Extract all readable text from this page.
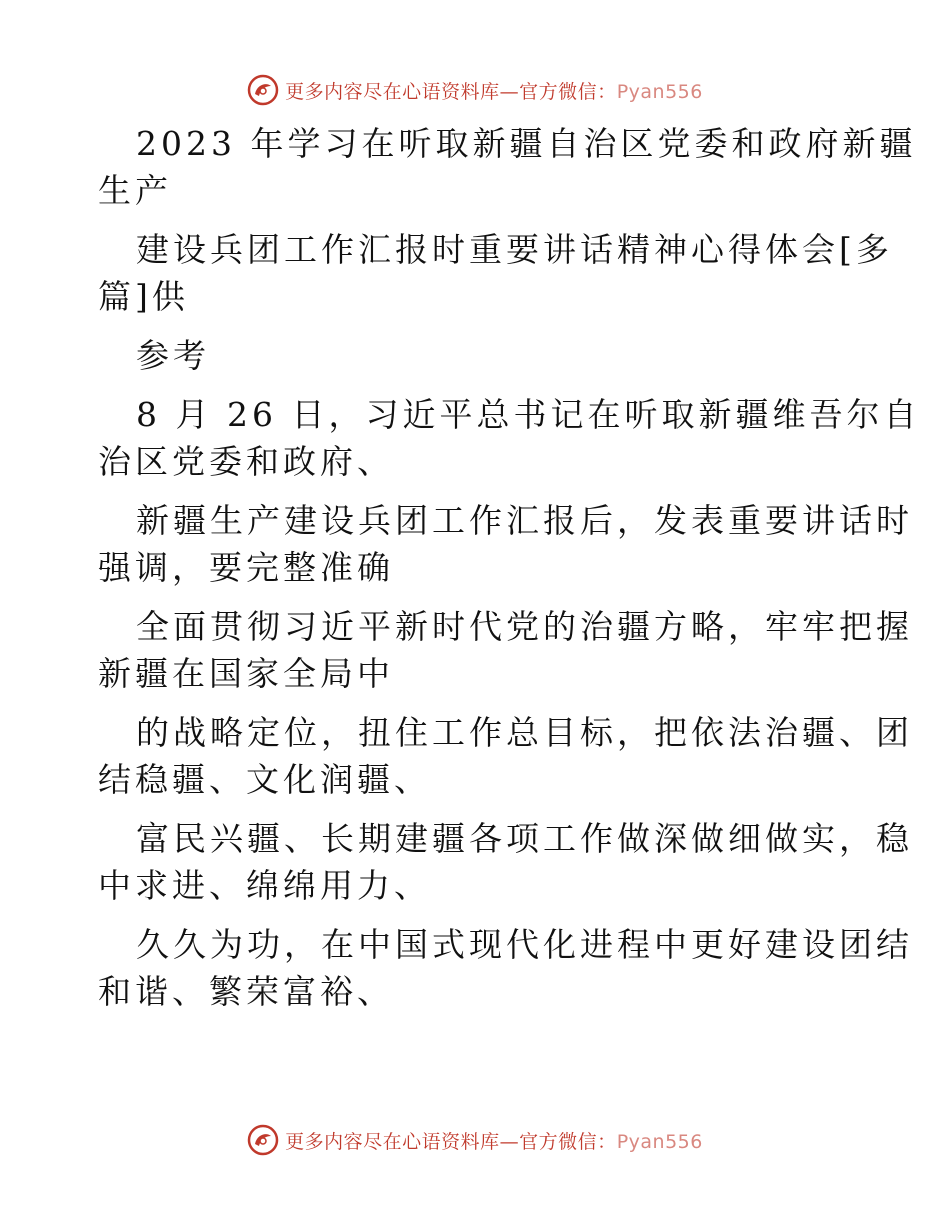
更多内容尽在心语资料库—官方微信：Pyan556
2023 年学习在听取新疆自治区党委和政府新疆
生产
建设兵团工作汇报时重要讲话精神心得体会[多
篇]供
参考
8 月 26 日，习近平总书记在听取新疆维吾尔自
治区党委和政府、
新疆生产建设兵团工作汇报后，发表重要讲话时
强调，要完整准确
全面贯彻习近平新时代党的治疆方略，牢牢把握
新疆在国家全局中
的战略定位，扭住工作总目标，把依法治疆、团
结稳疆、文化润疆、
富民兴疆、长期建疆各项工作做深做细做实，稳
中求进、绵绵用力、
久久为功，在中国式现代化进程中更好建设团结
和谐、繁荣富裕、
更多内容尽在心语资料库—官方微信：Pyan556
